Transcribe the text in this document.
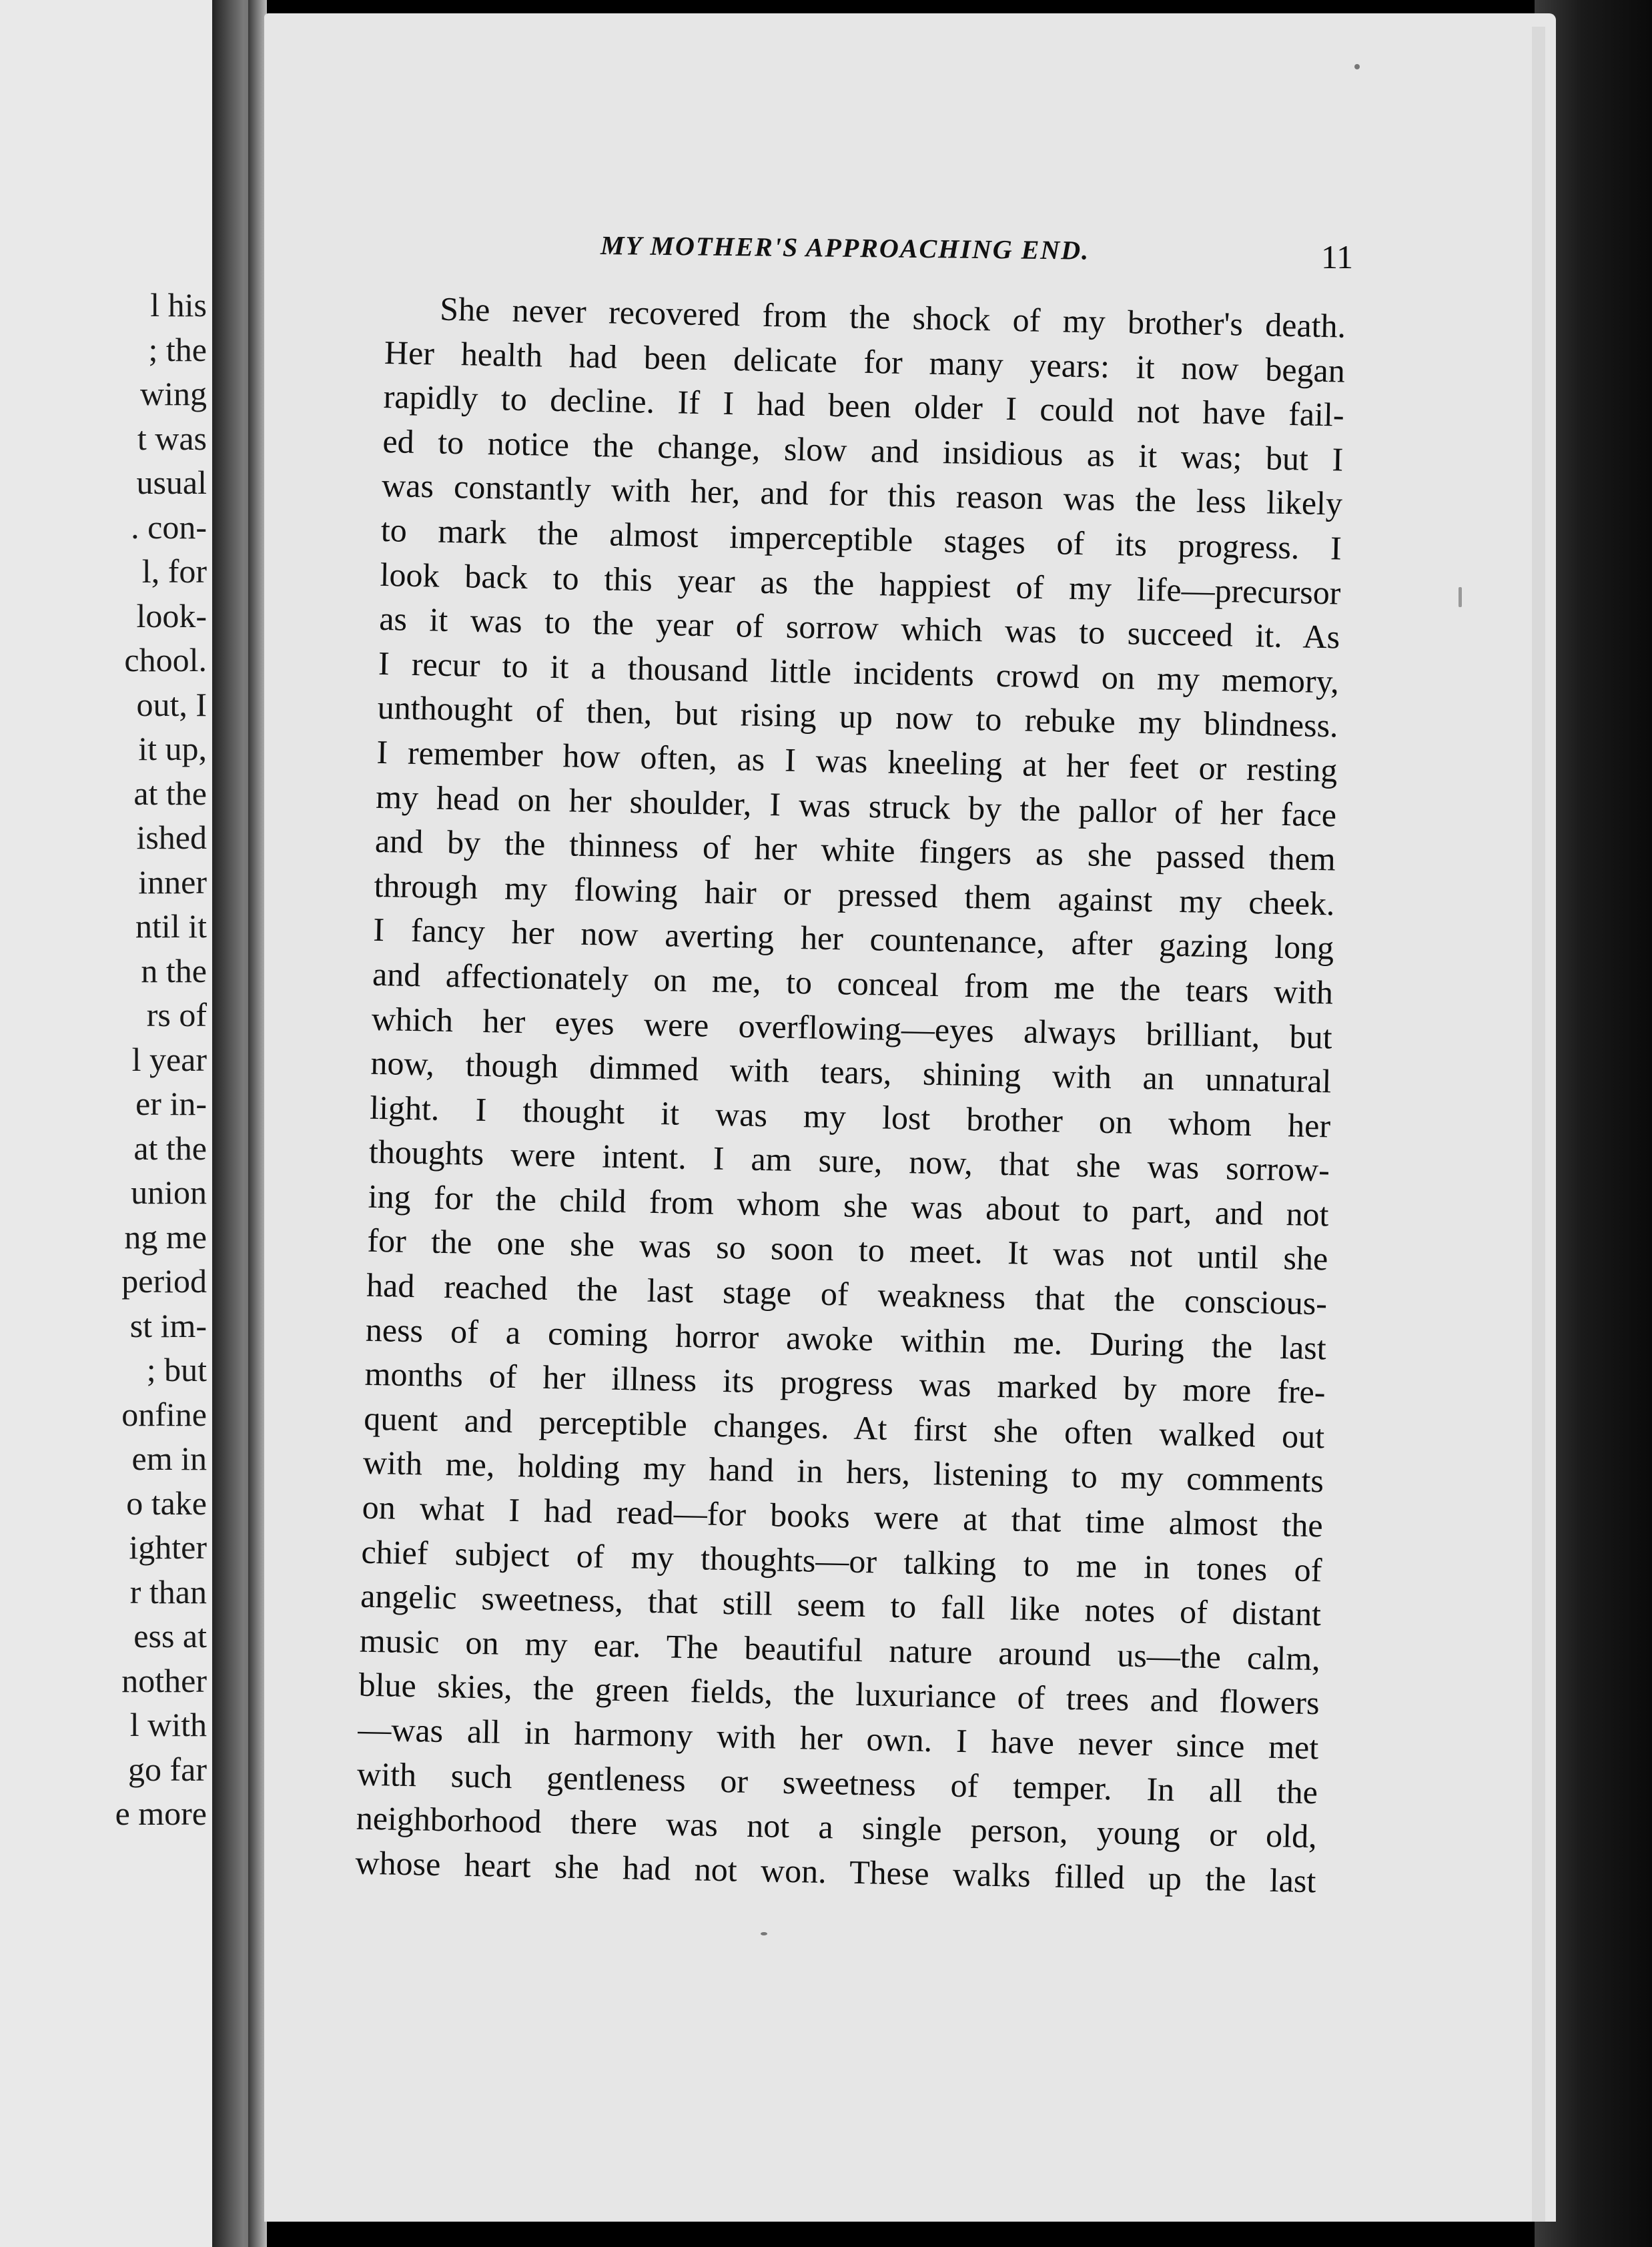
l his
; the
wing
t was
usual
. con-
l, for
look-
chool.
out, I
it up,
at the
ished
inner
ntil it
n the
rs of
l year
er in-
at the
union
ng me
period
st im-
; but
onfine
em in
o take
ighter
r than
ess at
nother
l with
go far
e more
MY MOTHER'S APPROACHING END.	11
She never recovered from the shock of my brother's death.
Her health had been delicate for many years: it now began
rapidly to decline. If I had been older I could not have fail-
ed to notice the change, slow and insidious as it was; but I
was constantly with her, and for this reason was the less likely
to mark the almost imperceptible stages of its progress. I
look back to this year as the happiest of my life—precursor
as it was to the year of sorrow which was to succeed it. As
I recur to it a thousand little incidents crowd on my memory,
unthought of then, but rising up now to rebuke my blindness.
I remember how often, as I was kneeling at her feet or resting
my head on her shoulder, I was struck by the pallor of her face
and by the thinness of her white fingers as she passed them
through my flowing hair or pressed them against my cheek.
I fancy her now averting her countenance, after gazing long
and affectionately on me, to conceal from me the tears with
which her eyes were overflowing—eyes always brilliant, but
now, though dimmed with tears, shining with an unnatural
light. I thought it was my lost brother on whom her
thoughts were intent. I am sure, now, that she was sorrow-
ing for the child from whom she was about to part, and not
for the one she was so soon to meet. It was not until she
had reached the last stage of weakness that the conscious-
ness of a coming horror awoke within me. During the last
months of her illness its progress was marked by more fre-
quent and perceptible changes. At first she often walked out
with me, holding my hand in hers, listening to my comments
on what I had read—for books were at that time almost the
chief subject of my thoughts—or talking to me in tones of
angelic sweetness, that still seem to fall like notes of distant
music on my ear. The beautiful nature around us—the calm,
blue skies, the green fields, the luxuriance of trees and flowers
—was all in harmony with her own. I have never since met
with such gentleness or sweetness of temper. In all the
neighborhood there was not a single person, young or old,
whose heart she had not won. These walks filled up the last
